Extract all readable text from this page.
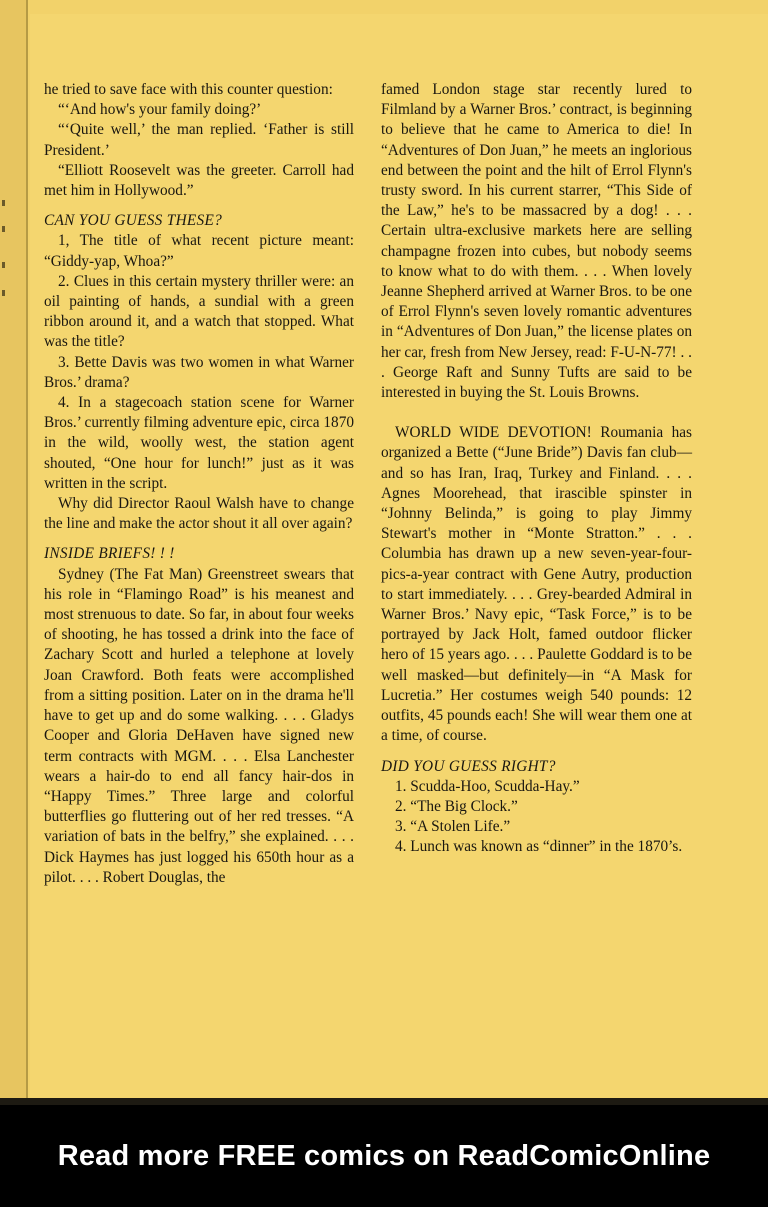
he tried to save face with this counter question:

“‘And how's your family doing?’

“‘Quite well,’ the man replied. ‘Father is still President.’

“Elliott Roosevelt was the greeter. Carroll had met him in Hollywood.”

CAN YOU GUESS THESE?

1, The title of what recent picture meant: “Giddy-yap, Whoa?”

2. Clues in this certain mystery thriller were: an oil painting of hands, a sundial with a green ribbon around it, and a watch that stopped. What was the title?

3. Bette Davis was two women in what Warner Bros.’ drama?

4. In a stagecoach station scene for Warner Bros.’ currently filming adventure epic, circa 1870 in the wild, woolly west, the station agent shouted, “One hour for lunch!” just as it was written in the script.

Why did Director Raoul Walsh have to change the line and make the actor shout it all over again?

INSIDE BRIEFS! ! !

Sydney (The Fat Man) Greenstreet swears that his role in “Flamingo Road” is his meanest and most strenuous to date. So far, in about four weeks of shooting, he has tossed a drink into the face of Zachary Scott and hurled a telephone at lovely Joan Crawford. Both feats were accomplished from a sitting position. Later on in the drama he'll have to get up and do some walking. . . . Gladys Cooper and Gloria DeHaven have signed new term contracts with MGM. . . . Elsa Lanchester wears a hair-do to end all fancy hair-dos in “Happy Times.” Three large and colorful butterflies go fluttering out of her red tresses. “A variation of bats in the belfry,” she explained. . . . Dick Haymes has just logged his 650th hour as a pilot. . . . Robert Douglas, the

famed London stage star recently lured to Filmland by a Warner Bros.’ contract, is beginning to believe that he came to America to die! In “Adventures of Don Juan,” he meets an inglorious end between the point and the hilt of Errol Flynn's trusty sword. In his current starrer, “This Side of the Law,” he's to be massacred by a dog! . . . Certain ultra-exclusive markets here are selling champagne frozen into cubes, but nobody seems to know what to do with them. . . . When lovely Jeanne Shepherd arrived at Warner Bros. to be one of Errol Flynn's seven lovely romantic adventures in “Adventures of Don Juan,” the license plates on her car, fresh from New Jersey, read: F-U-N-77! . . . George Raft and Sunny Tufts are said to be interested in buying the St. Louis Browns.

WORLD WIDE DEVOTION! Roumania has organized a Bette (“June Bride”) Davis fan club—and so has Iran, Iraq, Turkey and Finland. . . . Agnes Moorehead, that irascible spinster in “Johnny Belinda,” is going to play Jimmy Stewart's mother in “Monte Stratton.” . . . Columbia has drawn up a new seven-year-four-pics-a-year contract with Gene Autry, production to start immediately. . . . Grey-bearded Admiral in Warner Bros.’ Navy epic, “Task Force,” is to be portrayed by Jack Holt, famed outdoor flicker hero of 15 years ago. . . . Paulette Goddard is to be well masked—but definitely—in “A Mask for Lucretia.” Her costumes weigh 540 pounds: 12 outfits, 45 pounds each! She will wear them one at a time, of course.

DID YOU GUESS RIGHT?

1. Scudda-Hoo, Scudda-Hay.”

2. “The Big Clock.”

3. “A Stolen Life.”

4. Lunch was known as “dinner” in the 1870’s.

Read more FREE comics on ReadComicOnline
